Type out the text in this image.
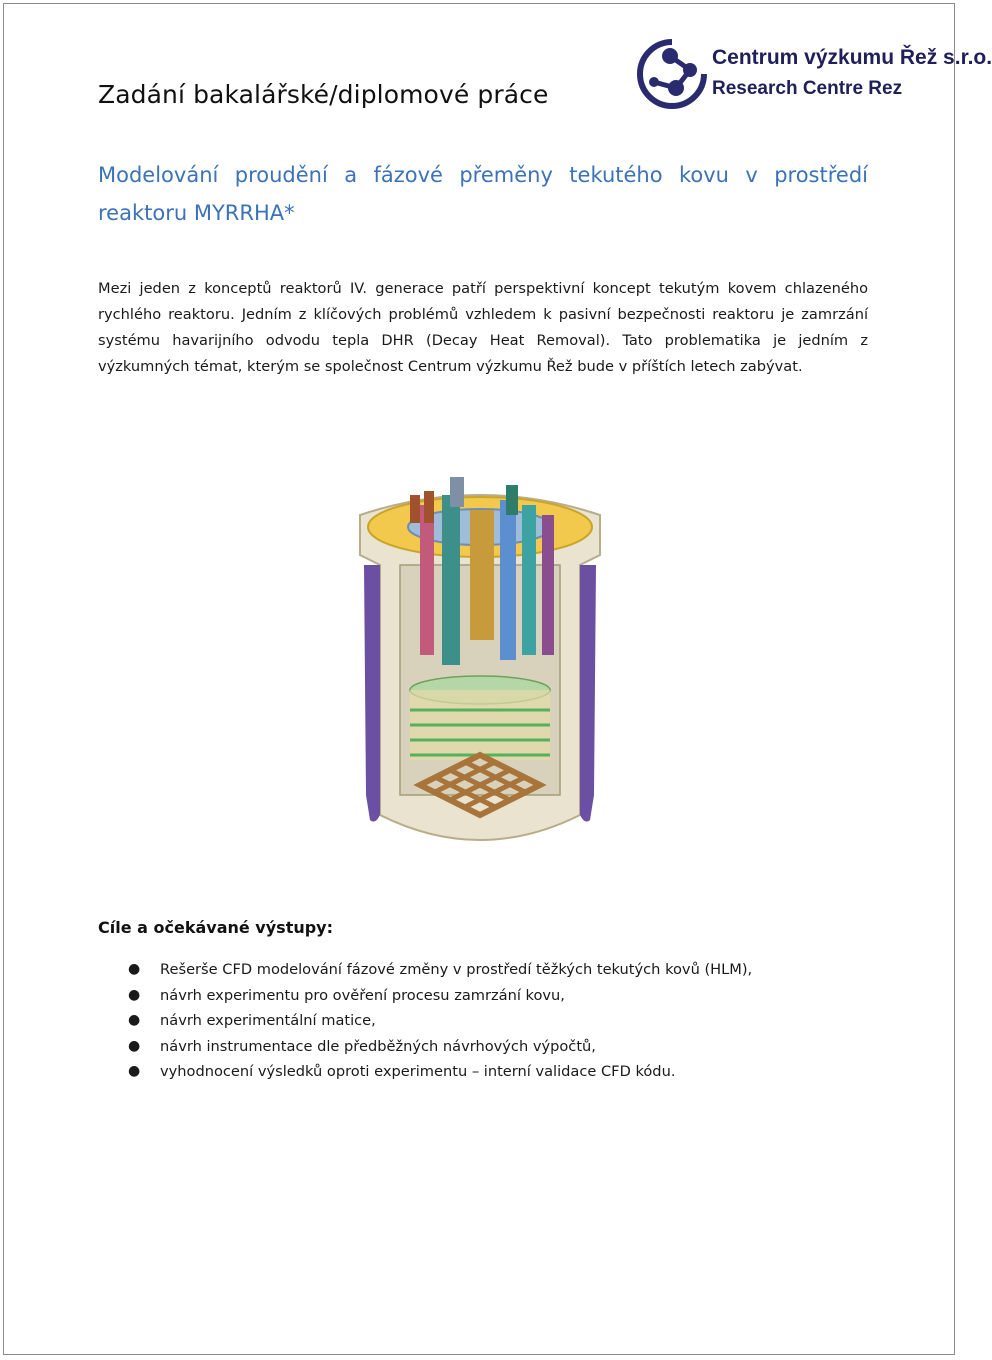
Zadání bakalářské/diplomové práce
Centrum výzkumu Řež s.r.o.
Research Centre Rez

Modelování proudění a fázové přeměny tekutého kovu v prostředí reaktoru MYRRHA*

Mezi jeden z konceptů reaktorů IV. generace patří perspektivní koncept tekutým kovem chlazeného rychlého reaktoru. Jedním z klíčových problémů vzhledem k pasivní bezpečnosti reaktoru je zamrzání systému havarijního odvodu tepla DHR (Decay Heat Removal). Tato problematika je jedním z výzkumných témat, kterým se společnost Centrum výzkumu Řež bude v příštích letech zabývat.

Cíle a očekávané výstupy:
● Rešerše CFD modelování fázové změny v prostředí těžkých tekutých kovů (HLM),
● návrh experimentu pro ověření procesu zamrzání kovu,
● návrh experimentální matice,
● návrh instrumentace dle předběžných návrhových výpočtů,
● vyhodnocení výsledků oproti experimentu – interní validace CFD kódu.
